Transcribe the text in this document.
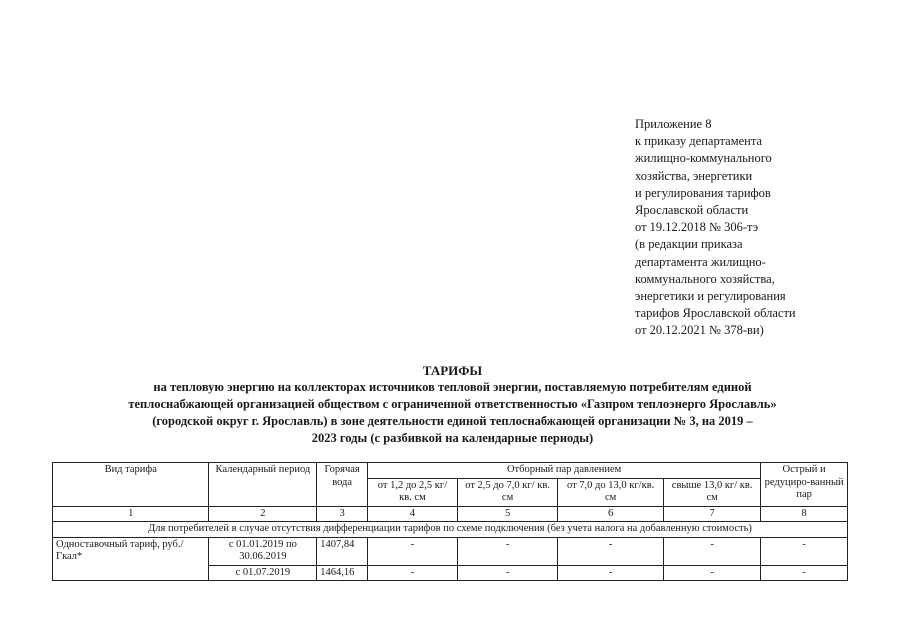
Приложение 8
к приказу департамента
жилищно-коммунального
хозяйства, энергетики
и регулирования тарифов
Ярославской области
от 19.12.2018 № 306-тэ
(в редакции приказа
департамента жилищно-
коммунального хозяйства,
энергетики и регулирования
тарифов Ярославской области
от 20.12.2021 № 378-ви)
ТАРИФЫ
на тепловую энергию на коллекторах источников тепловой энергии, поставляемую потребителям единой
теплоснабжающей организацией обществом с ограниченной ответственностью «Газпром теплоэнерго Ярославль»
(городской округ г. Ярославль) в зоне деятельности единой теплоснабжающей организации № 3, на 2019 –
2023 годы (с разбивкой на календарные периоды)
Вид тарифа	Календарный период	Горячая вода	Отборный пар давлением				Острый и редуциро-ванный пар
			от 1,2 до 2,5 кг/ кв. см	от 2,5 до 7,0 кг/ кв. см	от 7,0 до 13,0 кг/кв. см	свыше 13,0 кг/ кв. см	
1	2	3	4	5	6	7	8
Для потребителей в случае отсутствия дифференциации тарифов по схеме подключения (без учета налога на добавленную стоимость)							
Одноставочный тариф, руб./Гкал*	с 01.01.2019 по 30.06.2019	1407,84	-	-	-	-	-
	с 01.07.2019	1464,16	-	-	-	-	-
